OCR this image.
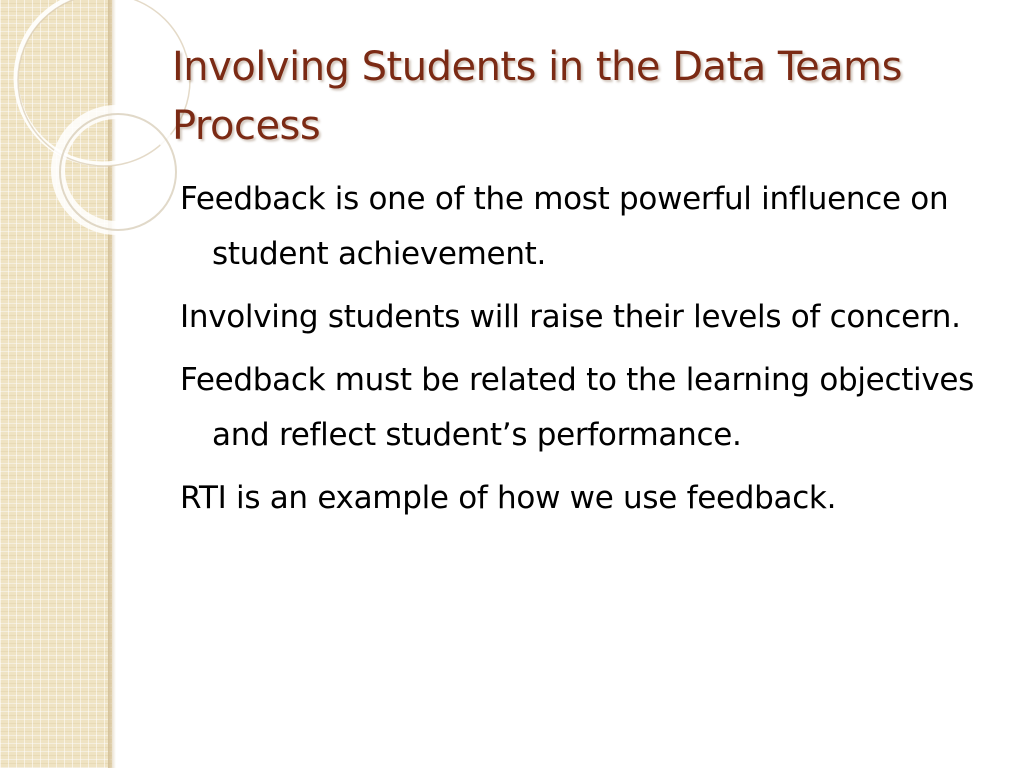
Involving Students in the Data Teams Process
Feedback is one of the most powerful influence on student achievement.
Involving students will raise their levels of concern.
Feedback must be related to the learning objectives and reflect student’s performance.
RTI is an example of how we use feedback.
